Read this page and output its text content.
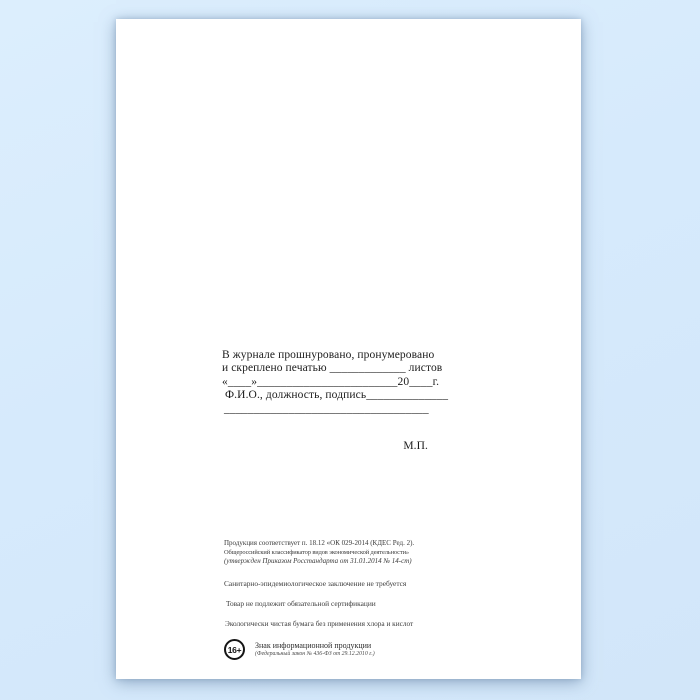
В журнале прошнуровано, пронумеровано
и скреплено печатью _____________ листов
«____»________________________20____г.
Ф.И.О., должность, подпись______________
___________________________________
М.П.
Продукция соответствует п. 18.12 «ОК 029-2014 (КДЕС Ред. 2).
Общероссийский классификатор видов экономической деятельности»
(утвержден Приказом Росстандарта от 31.01.2014 № 14-ст)
Санитарно-эпидемиологическое заключение не требуется
Товар не подлежит обязательной сертификации
Экологически чистая бумага без применения хлора и кислот
16+	Знак информационной продукции
(Федеральный закон № 436-ФЗ от 29.12.2010 г.)
